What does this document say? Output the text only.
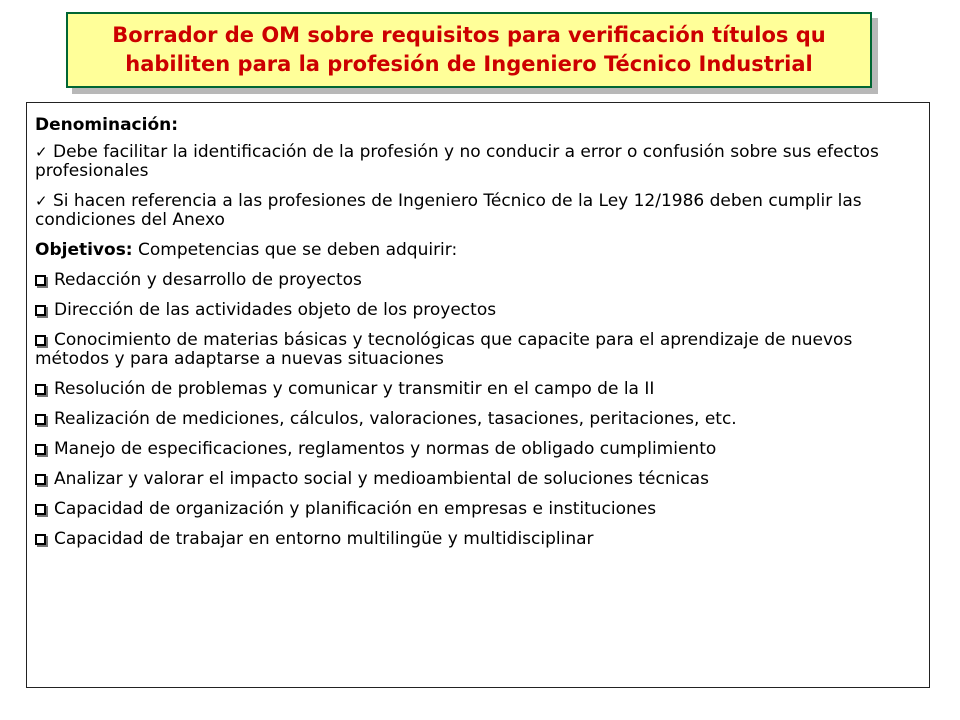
Borrador de OM sobre requisitos para verificación títulos qu
habiliten para la profesión de Ingeniero Técnico Industrial
Denominación:
✓ Debe facilitar la identificación de la profesión y no conducir a error o confusión sobre sus efectos profesionales
✓ Si hacen referencia a las profesiones de Ingeniero Técnico de la Ley 12/1986 deben cumplir las condiciones del Anexo
Objetivos: Competencias que se deben adquirir:
Redacción y desarrollo de proyectos
Dirección de las actividades objeto de los proyectos
Conocimiento de materias básicas y tecnológicas que capacite para el aprendizaje de nuevos métodos y para adaptarse a nuevas situaciones
Resolución de problemas y comunicar y transmitir en el campo de la II
Realización de mediciones, cálculos, valoraciones, tasaciones, peritaciones, etc.
Manejo de especificaciones, reglamentos y normas de obligado cumplimiento
Analizar y valorar el impacto social y medioambiental de soluciones técnicas
Capacidad de organización y planificación en empresas e instituciones
Capacidad de trabajar en entorno multilingüe y multidisciplinar
